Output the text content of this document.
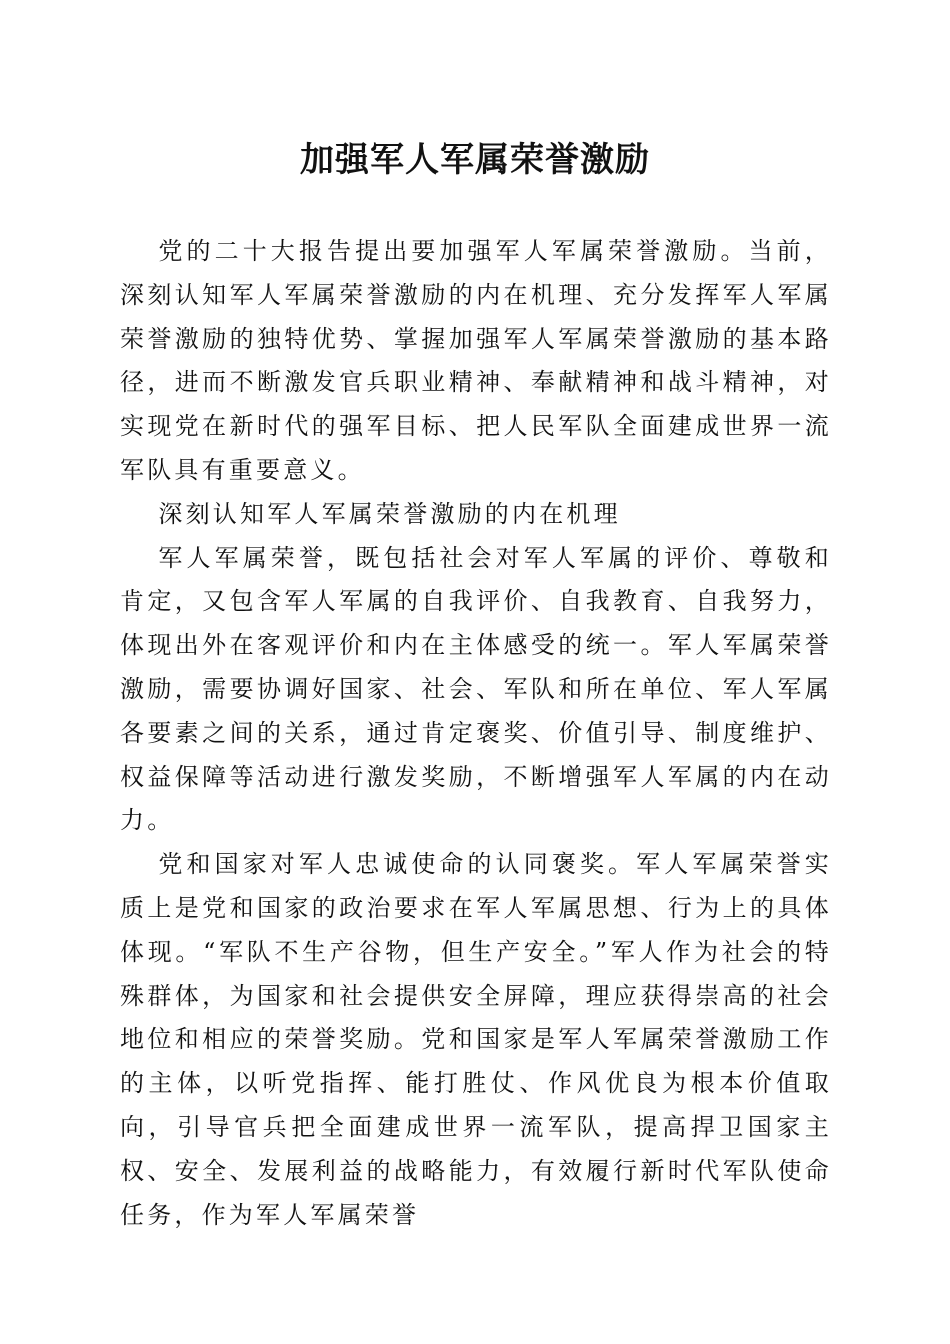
加强军人军属荣誉激励

党的二十大报告提出要加强军人军属荣誉激励。当前，深刻认知军人军属荣誉激励的内在机理、充分发挥军人军属荣誉激励的独特优势、掌握加强军人军属荣誉激励的基本路径，进而不断激发官兵职业精神、奉献精神和战斗精神，对实现党在新时代的强军目标、把人民军队全面建成世界一流军队具有重要意义。

深刻认知军人军属荣誉激励的内在机理

军人军属荣誉，既包括社会对军人军属的评价、尊敬和肯定，又包含军人军属的自我评价、自我教育、自我努力，体现出外在客观评价和内在主体感受的统一。军人军属荣誉激励，需要协调好国家、社会、军队和所在单位、军人军属各要素之间的关系，通过肯定褒奖、价值引导、制度维护、权益保障等活动进行激发奖励，不断增强军人军属的内在动力。

党和国家对军人忠诚使命的认同褒奖。军人军属荣誉实质上是党和国家的政治要求在军人军属思想、行为上的具体体现。“军队不生产谷物，但生产安全。”军人作为社会的特殊群体，为国家和社会提供安全屏障，理应获得崇高的社会地位和相应的荣誉奖励。党和国家是军人军属荣誉激励工作的主体，以听党指挥、能打胜仗、作风优良为根本价值取向，引导官兵把全面建成世界一流军队，提高捍卫国家主权、安全、发展利益的战略能力，有效履行新时代军队使命任务，作为军人军属荣誉
